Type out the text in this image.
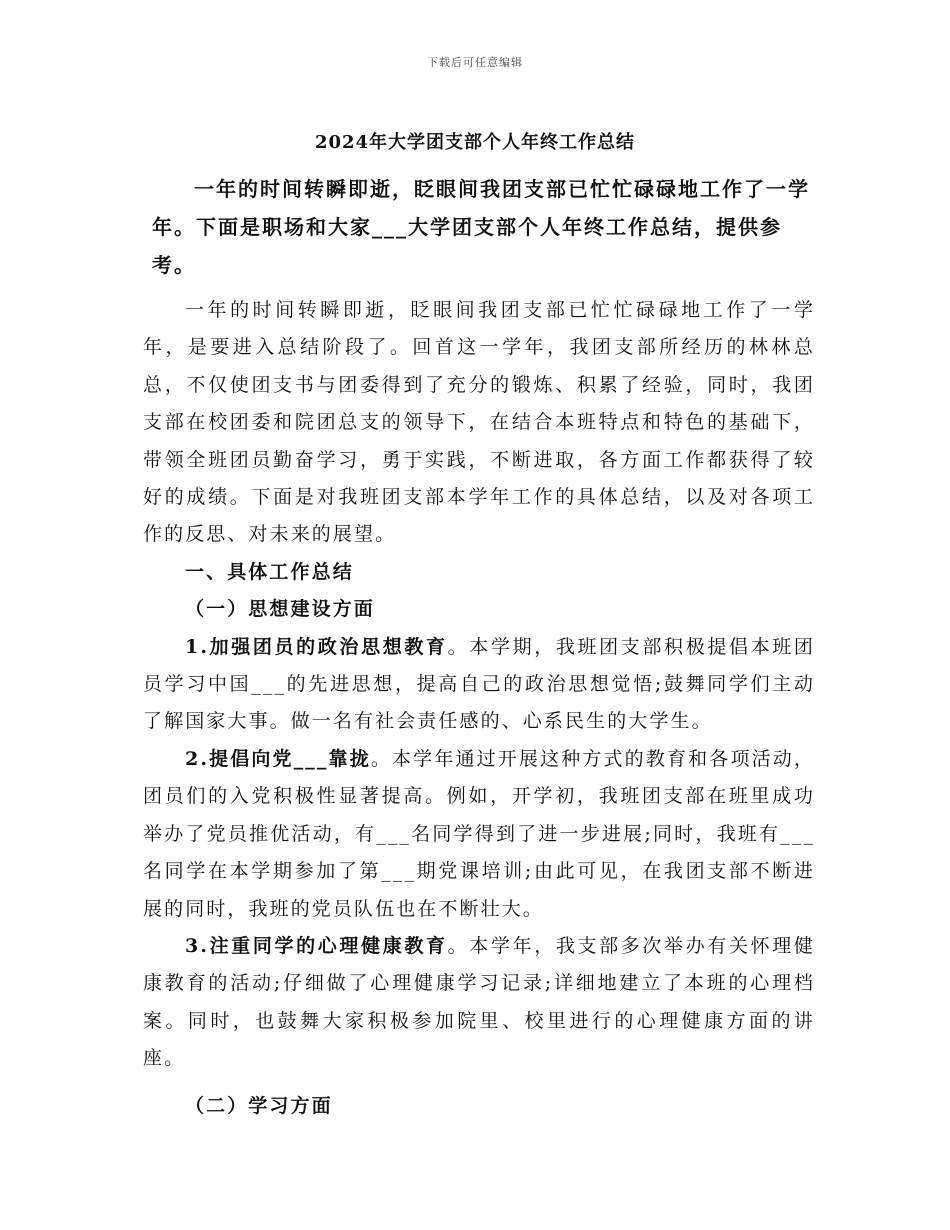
下载后可任意编辑
2024年大学团支部个人年终工作总结

一年的时间转瞬即逝，眨眼间我团支部已忙忙碌碌地工作了一学年。下面是职场和大家___大学团支部个人年终工作总结，提供参考。

一年的时间转瞬即逝，眨眼间我团支部已忙忙碌碌地工作了一学年，是要进入总结阶段了。回首这一学年，我团支部所经历的林林总总，不仅使团支书与团委得到了充分的锻炼、积累了经验，同时，我团支部在校团委和院团总支的领导下，在结合本班特点和特色的基础下，带领全班团员勤奋学习，勇于实践，不断进取，各方面工作都获得了较好的成绩。下面是对我班团支部本学年工作的具体总结，以及对各项工作的反思、对未来的展望。

一、具体工作总结

（一）思想建设方面

1.加强团员的政治思想教育。本学期，我班团支部积极提倡本班团员学习中国___的先进思想，提高自己的政治思想觉悟;鼓舞同学们主动了解国家大事。做一名有社会责任感的、心系民生的大学生。

2.提倡向党___靠拢。本学年通过开展这种方式的教育和各项活动，团员们的入党积极性显著提高。例如，开学初，我班团支部在班里成功举办了党员推优活动，有___名同学得到了进一步进展;同时，我班有___名同学在本学期参加了第___期党课培训;由此可见，在我团支部不断进展的同时，我班的党员队伍也在不断壮大。

3.注重同学的心理健康教育。本学年，我支部多次举办有关怀理健康教育的活动;仔细做了心理健康学习记录;详细地建立了本班的心理档案。同时，也鼓舞大家积极参加院里、校里进行的心理健康方面的讲座。

（二）学习方面
